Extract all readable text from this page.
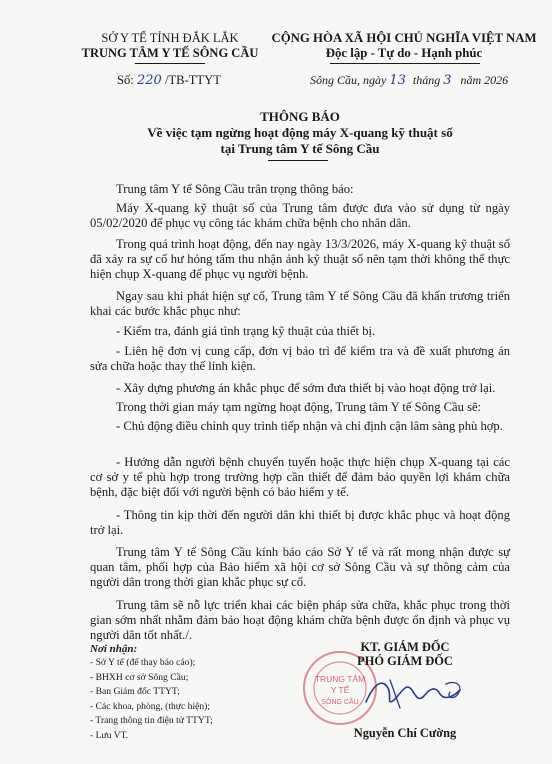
SỞ Y TẾ TỈNH ĐẮK LẮK
TRUNG TÂM Y TẾ SÔNG CẦU
CỘNG HÒA XÃ HỘI CHỦ NGHĨA VIỆT NAM
Độc lập - Tự do - Hạnh phúc
Số: 220 /TB-TTYT	Sông Cầu, ngày 13 tháng 3 năm 2026
THÔNG BÁO
Về việc tạm ngừng hoạt động máy X-quang kỹ thuật số
tại Trung tâm Y tế Sông Cầu
Trung tâm Y tế Sông Cầu trân trọng thông báo:
Máy X-quang kỹ thuật số của Trung tâm được đưa vào sử dụng từ ngày 05/02/2020 để phục vụ công tác khám chữa bệnh cho nhân dân.
Trong quá trình hoạt động, đến nay ngày 13/3/2026, máy X-quang kỹ thuật số đã xảy ra sự cố hư hỏng tấm thu nhận ảnh kỹ thuật số nên tạm thời không thể thực hiện chụp X-quang để phục vụ người bệnh.
Ngay sau khi phát hiện sự cố, Trung tâm Y tế Sông Cầu đã khẩn trương triển khai các bước khắc phục như:
- Kiểm tra, đánh giá tình trạng kỹ thuật của thiết bị.
- Liên hệ đơn vị cung cấp, đơn vị bảo trì để kiểm tra và đề xuất phương án sửa chữa hoặc thay thế linh kiện.
- Xây dựng phương án khắc phục để sớm đưa thiết bị vào hoạt động trở lại.
Trong thời gian máy tạm ngừng hoạt động, Trung tâm Y tế Sông Cầu sẽ:
- Chủ động điều chỉnh quy trình tiếp nhận và chỉ định cận lâm sàng phù hợp.
- Hướng dẫn người bệnh chuyển tuyến hoặc thực hiện chụp X-quang tại các cơ sở y tế phù hợp trong trường hợp cần thiết để đảm bảo quyền lợi khám chữa bệnh, đặc biệt đối với người bệnh có bảo hiểm y tế.
- Thông tin kịp thời đến người dân khi thiết bị được khắc phục và hoạt động trở lại.
Trung tâm Y tế Sông Cầu kính báo cáo Sở Y tế và rất mong nhận được sự quan tâm, phối hợp của Bảo hiểm xã hội cơ sở Sông Cầu và sự thông cảm của người dân trong thời gian khắc phục sự cố.
Trung tâm sẽ nỗ lực triển khai các biện pháp sửa chữa, khắc phục trong thời gian sớm nhất nhằm đảm bảo hoạt động khám chữa bệnh được ổn định và phục vụ người dân tốt nhất./.
Nơi nhận:
- Sở Y tế (để thay báo cáo);
- BHXH cơ sở Sông Cầu;
- Ban Giám đốc TTYT;
- Các khoa, phòng, (thực hiện);
- Trang thông tin điện tử TTYT;
- Lưu VT.
TRUNG TÂM
Y TẾ
SÔNG CẦU
KT. GIÁM ĐỐC
PHÓ GIÁM ĐỐC
Nguyễn Chí Cường
